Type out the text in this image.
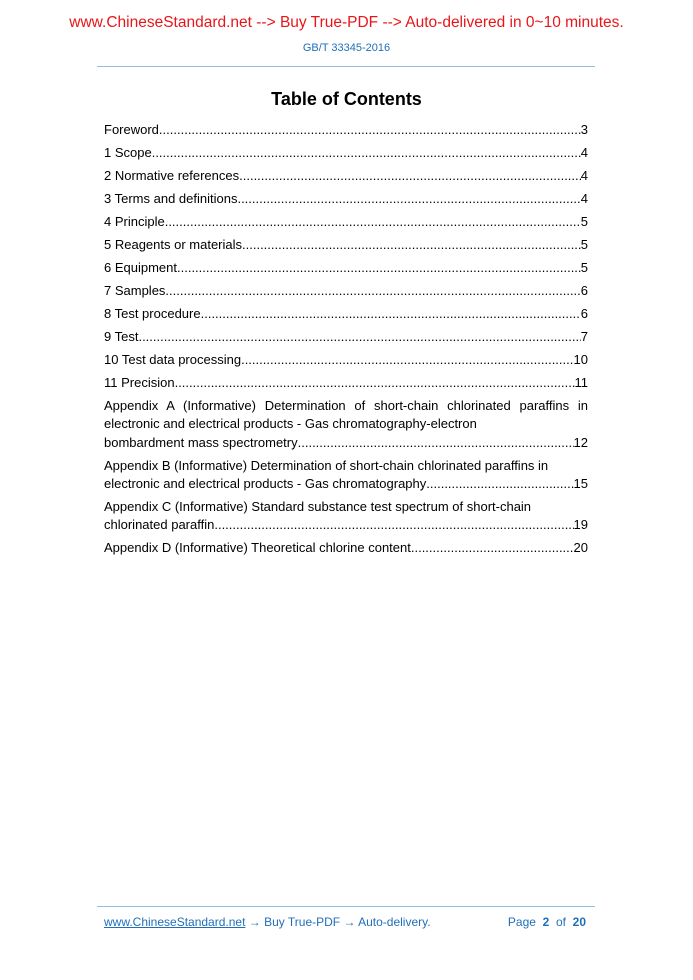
www.ChineseStandard.net --> Buy True-PDF --> Auto-delivered in 0~10 minutes.
GB/T 33345-2016
Table of Contents
Foreword .....	3
1 Scope .....	4
2 Normative references .....	4
3 Terms and definitions .....	4
4 Principle .....	5
5 Reagents or materials .....	5
6 Equipment .....	5
7 Samples .....	6
8 Test procedure .....	6
9 Test .....	7
10 Test data processing .....	10
11 Precision .....	11
Appendix A (Informative) Determination of short-chain chlorinated paraffins in electronic and electrical products - Gas chromatography-electron
bombardment mass spectrometry .....	12
Appendix B (Informative) Determination of short-chain chlorinated paraffins in
electronic and electrical products - Gas chromatography .....	15
Appendix C (Informative) Standard substance test spectrum of short-chain
chlorinated paraffin .....	19
Appendix D (Informative) Theoretical chlorine content .....	20
www.ChineseStandard.net → Buy True-PDF → Auto-delivery.	Page 2 of 20
